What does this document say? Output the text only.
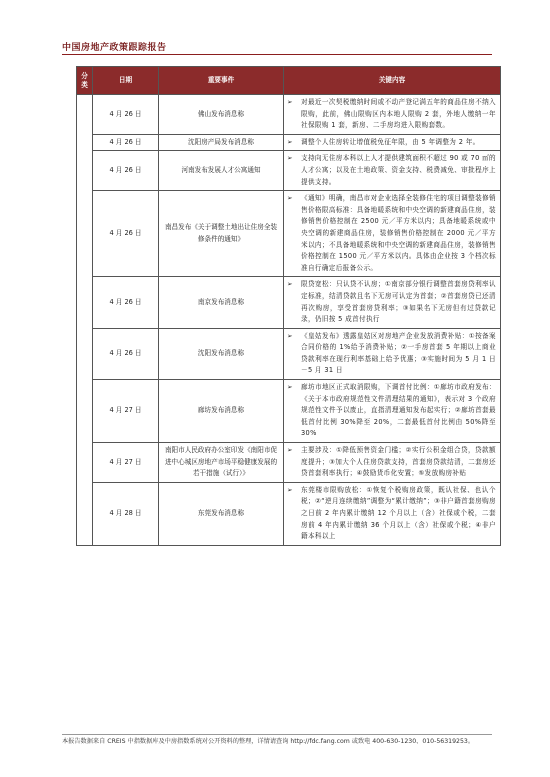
中国房地产政策跟踪报告
分类	日期	重要事件	关键内容
	4 月 26 日	佛山发布消息称	➢ 对最近一次契税缴纳时间或不动产登记满五年的商品住房不纳入限购，此前，佛山限购区内本地人限购 2 套，外地人缴纳一年社保限购 1 套，新房、二手房均进入限购套数。

	4 月 26 日	沈阳房产局发布消息称	➢ 调整个人住房转让增值税免征年限，由 5 年调整为 2 年。

	4 月 26 日	河南发布发展人才公寓通知	➢ 支持向无住房本科以上人才提供建筑面积不超过 90 或 70 ㎡的人才公寓；以及在土地政策、资金支持、税费减免、审批程序上提供支持。

	4 月 26 日	南昌发布《关于调整土地出让住房全装修条件的通知》	➢ 《通知》明确，南昌市对企业选择全装修住宅的项目调整装修销售价格限高标准：具备地暖系统和中央空调的新建商品住房，装修销售价格控制在 2500 元／平方米以内；具备地暖系统或中央空调的新建商品住房，装修销售价格控制在 2000 元／平方米以内；不具备地暖系统和中央空调的新建商品住房，装修销售价格控制在 1500 元／平方米以内。具体由企业按 3 个档次标准自行确定后报备公示。

	4 月 26 日	南京发布消息称	➢ 限贷宽松：只认贷不认房；①南京部分银行调整首套房贷利率认定标准，结清贷款且名下无房可认定为首套；②首套房贷已还清再次购房，享受首套房贷利率；③如果名下无房但有过贷款记录，仍旧按 5 成首付执行

	4 月 26 日	沈阳发布消息称	➢ 《皇姑发布》透露皇姑区对房地产企业发放消费补贴：①按备案合同价格的 1%给予消费补贴；②一手房首套 5 年期以上商业贷款利率在现行利率基础上给予优惠；③实施时间为 5 月 1 日－5 月 31 日

	4 月 27 日	廊坊发布消息称	➢ 廊坊市地区正式取消限购，下调首付比例：①廊坊市政府发布：《关于本市政府规范性文件清理结果的通知》，表示对 3 个政府规范性文件予以废止，直指清理通知发布起实行；②廊坊首套最低首付比例 30%降至 20%，二套最低首付比例由 50%降至 30%

	4 月 27 日	南阳市人民政府办公室印发《南阳市促进中心城区房地产市场平稳健康发展的若干措施（试行）》	➢ 主要涉及：①降低预售资金门槛；②实行公积金组合贷，贷款额度提升；③加大个人住房贷款支持，首套房贷款结清，二套房还贷首套利率执行；④鼓励货币化安置；⑤发放购房补贴

	4 月 28 日	东莞发布消息称	➢ 东莞楼市限购放松：①恢复个税购房政策，既认社保、也认个税；②“逆月连续缴纳”调整为“累计缴纳”；③非户籍首套房购房之日前 2 年内累计缴纳 12 个月以上（含）社保或个税，二套房前 4 年内累计缴纳 36 个月以上（含）社保或个税；④非户籍本科以上
本报告数据来自 CREIS 中指数据库及中房指数系统对公开资料的整理，详情请查询 http://fdc.fang.com 或致电 400-630-1230、010-56319253。
